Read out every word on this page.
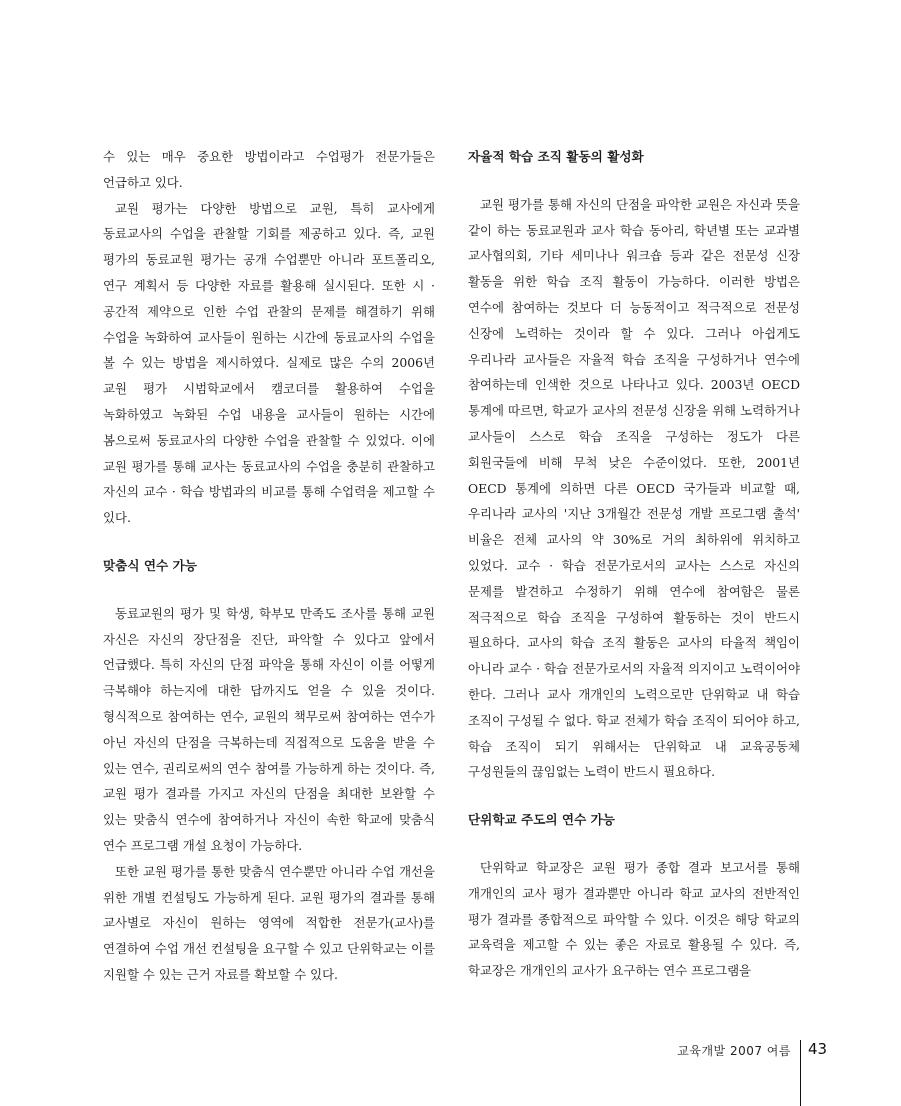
수 있는 매우 중요한 방법이라고 수업평가 전문가들은 언급하고 있다.

교원 평가는 다양한 방법으로 교원, 특히 교사에게 동료교사의 수업을 관찰할 기회를 제공하고 있다. 즉, 교원 평가의 동료교원 평가는 공개 수업뿐만 아니라 포트폴리오, 연구 계획서 등 다양한 자료를 활용해 실시된다. 또한 시 · 공간적 제약으로 인한 수업 관찰의 문제를 해결하기 위해 수업을 녹화하여 교사들이 원하는 시간에 동료교사의 수업을 볼 수 있는 방법을 제시하였다. 실제로 많은 수의 2006년 교원 평가 시범학교에서 캠코더를 활용하여 수업을 녹화하였고 녹화된 수업 내용을 교사들이 원하는 시간에 봄으로써 동료교사의 다양한 수업을 관찰할 수 있었다. 이에 교원 평가를 통해 교사는 동료교사의 수업을 충분히 관찰하고 자신의 교수 · 학습 방법과의 비교를 통해 수업력을 제고할 수 있다.

맞춤식 연수 가능

동료교원의 평가 및 학생, 학부모 만족도 조사를 통해 교원 자신은 자신의 장단점을 진단, 파악할 수 있다고 앞에서 언급했다. 특히 자신의 단점 파악을 통해 자신이 이를 어떻게 극복해야 하는지에 대한 답까지도 얻을 수 있을 것이다. 형식적으로 참여하는 연수, 교원의 책무로써 참여하는 연수가 아닌 자신의 단점을 극복하는데 직접적으로 도움을 받을 수 있는 연수, 권리로써의 연수 참여를 가능하게 하는 것이다. 즉, 교원 평가 결과를 가지고 자신의 단점을 최대한 보완할 수 있는 맞춤식 연수에 참여하거나 자신이 속한 학교에 맞춤식 연수 프로그램 개설 요청이 가능하다.

또한 교원 평가를 통한 맞춤식 연수뿐만 아니라 수업 개선을 위한 개별 컨설팅도 가능하게 된다. 교원 평가의 결과를 통해 교사별로 자신이 원하는 영역에 적합한 전문가(교사)를 연결하여 수업 개선 컨설팅을 요구할 수 있고 단위학교는 이를 지원할 수 있는 근거 자료를 확보할 수 있다.

자율적 학습 조직 활동의 활성화

교원 평가를 통해 자신의 단점을 파악한 교원은 자신과 뜻을 같이 하는 동료교원과 교사 학습 동아리, 학년별 또는 교과별 교사협의회, 기타 세미나나 워크숍 등과 같은 전문성 신장 활동을 위한 학습 조직 활동이 가능하다. 이러한 방법은 연수에 참여하는 것보다 더 능동적이고 적극적으로 전문성 신장에 노력하는 것이라 할 수 있다. 그러나 아쉽게도 우리나라 교사들은 자율적 학습 조직을 구성하거나 연수에 참여하는데 인색한 것으로 나타나고 있다. 2003년 OECD 통계에 따르면, 학교가 교사의 전문성 신장을 위해 노력하거나 교사들이 스스로 학습 조직을 구성하는 정도가 다른 회원국들에 비해 무척 낮은 수준이었다. 또한, 2001년 OECD 통계에 의하면 다른 OECD 국가들과 비교할 때, 우리나라 교사의 '지난 3개월간 전문성 개발 프로그램 출석' 비율은 전체 교사의 약 30%로 거의 최하위에 위치하고 있었다. 교수 · 학습 전문가로서의 교사는 스스로 자신의 문제를 발견하고 수정하기 위해 연수에 참여함은 물론 적극적으로 학습 조직을 구성하여 활동하는 것이 반드시 필요하다. 교사의 학습 조직 활동은 교사의 타율적 책임이 아니라 교수 · 학습 전문가로서의 자율적 의지이고 노력이어야 한다. 그러나 교사 개개인의 노력으로만 단위학교 내 학습 조직이 구성될 수 없다. 학교 전체가 학습 조직이 되어야 하고, 학습 조직이 되기 위해서는 단위학교 내 교육공동체 구성원들의 끊임없는 노력이 반드시 필요하다.

단위학교 주도의 연수 가능

단위학교 학교장은 교원 평가 종합 결과 보고서를 통해 개개인의 교사 평가 결과뿐만 아니라 학교 교사의 전반적인 평가 결과를 종합적으로 파악할 수 있다. 이것은 해당 학교의 교육력을 제고할 수 있는 좋은 자료로 활용될 수 있다. 즉, 학교장은 개개인의 교사가 요구하는 연수 프로그램을

교육개발 2007 여름 43
